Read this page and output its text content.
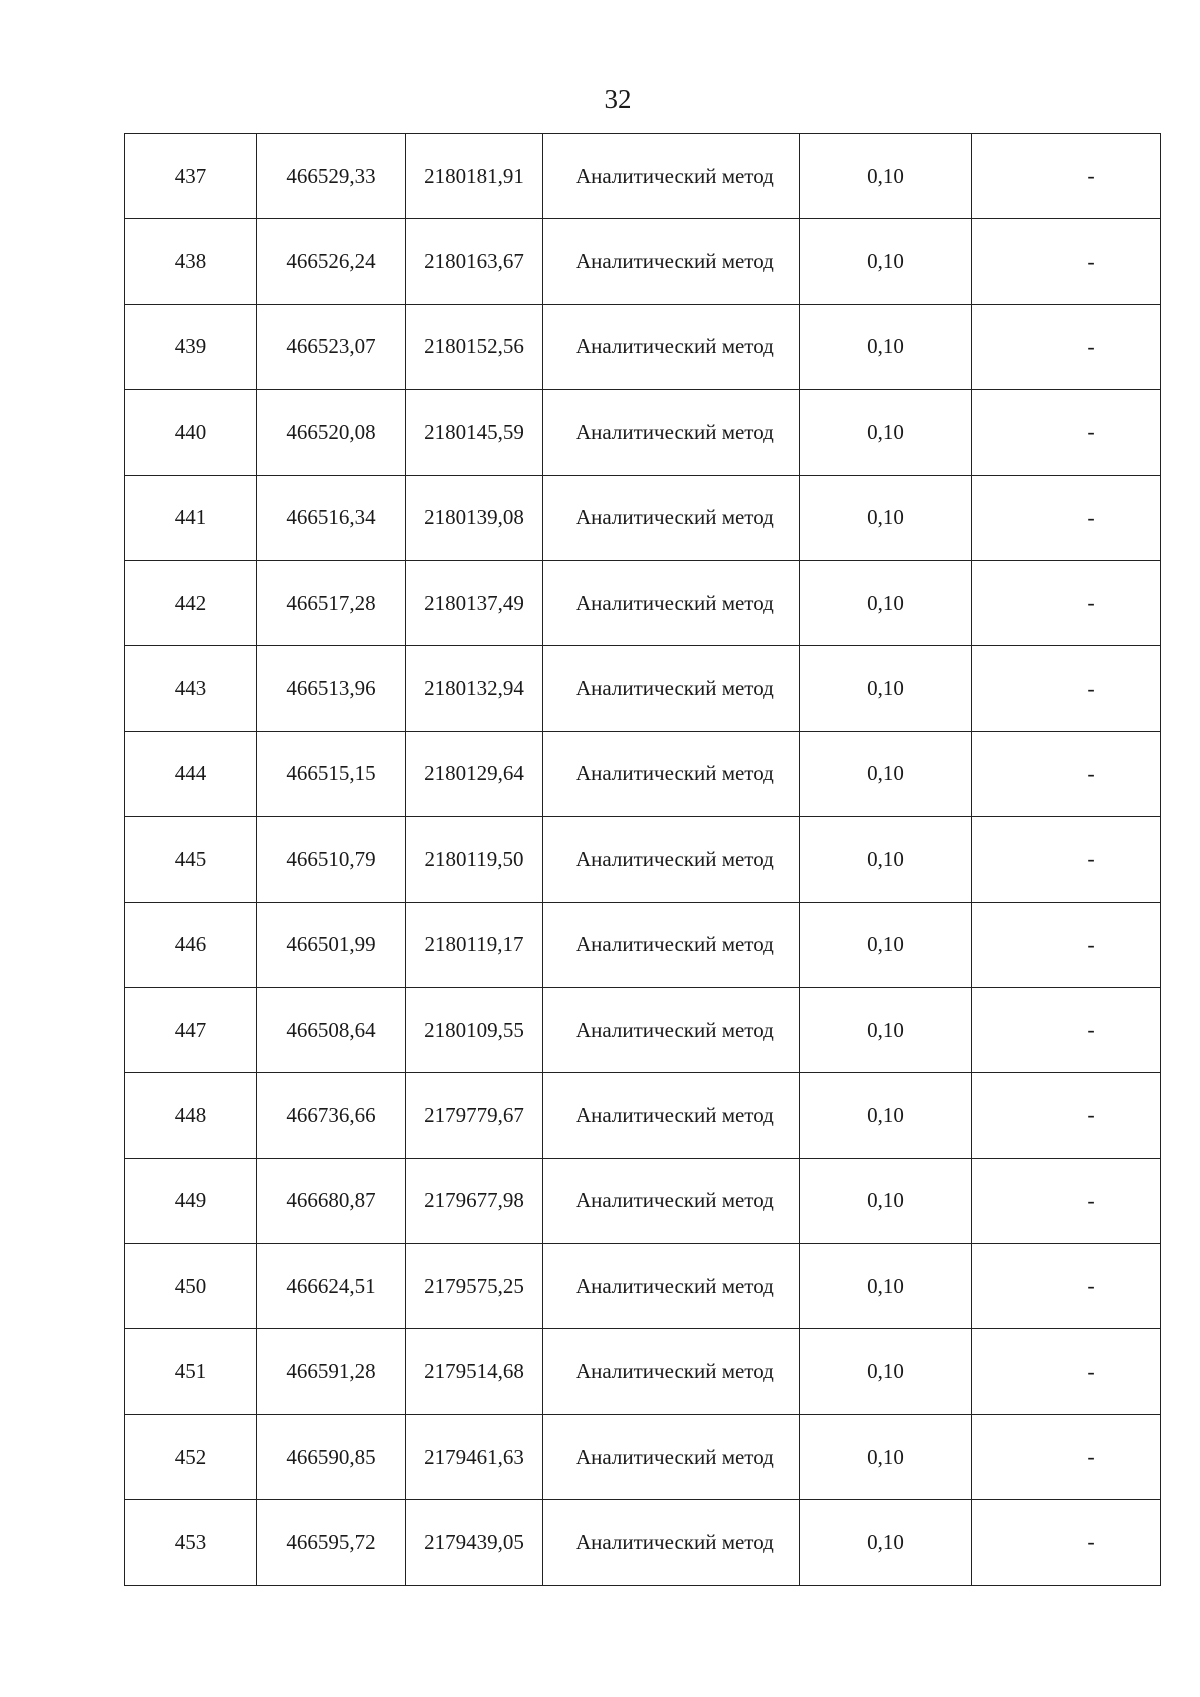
32
437	466529,33	2180181,91	Аналитический метод	0,10	-
438	466526,24	2180163,67	Аналитический метод	0,10	-
439	466523,07	2180152,56	Аналитический метод	0,10	-
440	466520,08	2180145,59	Аналитический метод	0,10	-
441	466516,34	2180139,08	Аналитический метод	0,10	-
442	466517,28	2180137,49	Аналитический метод	0,10	-
443	466513,96	2180132,94	Аналитический метод	0,10	-
444	466515,15	2180129,64	Аналитический метод	0,10	-
445	466510,79	2180119,50	Аналитический метод	0,10	-
446	466501,99	2180119,17	Аналитический метод	0,10	-
447	466508,64	2180109,55	Аналитический метод	0,10	-
448	466736,66	2179779,67	Аналитический метод	0,10	-
449	466680,87	2179677,98	Аналитический метод	0,10	-
450	466624,51	2179575,25	Аналитический метод	0,10	-
451	466591,28	2179514,68	Аналитический метод	0,10	-
452	466590,85	2179461,63	Аналитический метод	0,10	-
453	466595,72	2179439,05	Аналитический метод	0,10	-
